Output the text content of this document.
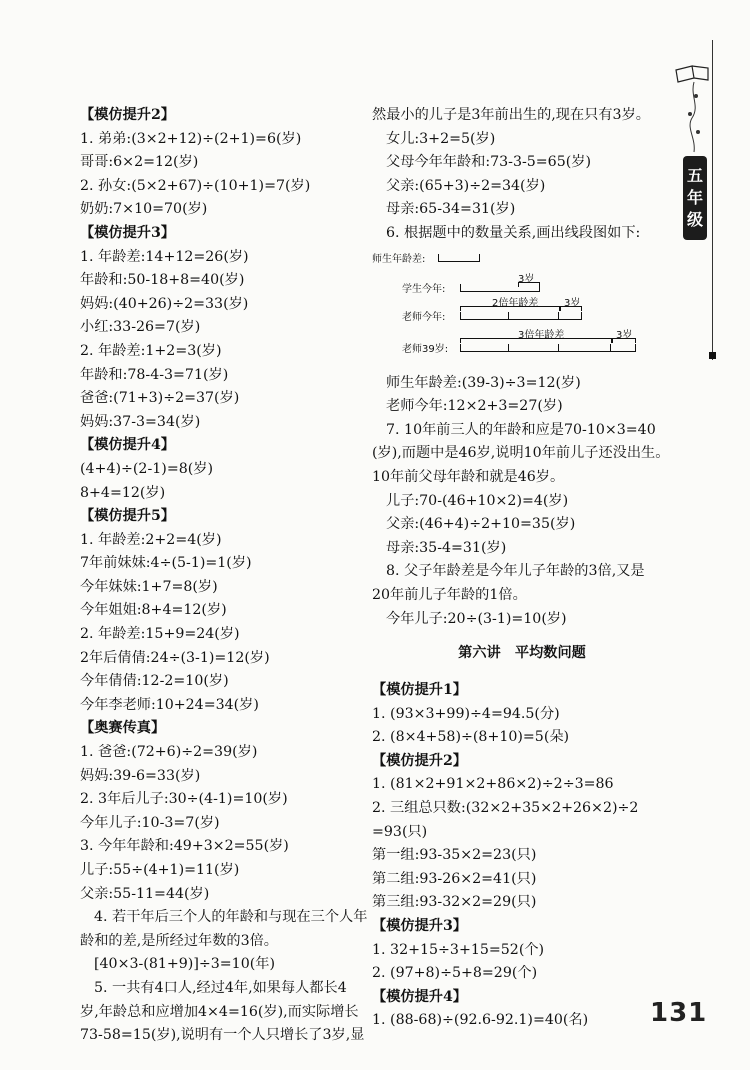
【模仿提升2】
1. 弟弟:(3×2+12)÷(2+1)=6(岁)
哥哥:6×2=12(岁)
2. 孙女:(5×2+67)÷(10+1)=7(岁)
奶奶:7×10=70(岁)
【模仿提升3】
1. 年龄差:14+12=26(岁)
年龄和:50-18+8=40(岁)
妈妈:(40+26)÷2=33(岁)
小红:33-26=7(岁)
2. 年龄差:1+2=3(岁)
年龄和:78-4-3=71(岁)
爸爸:(71+3)÷2=37(岁)
妈妈:37-3=34(岁)
【模仿提升4】
(4+4)÷(2-1)=8(岁)
8+4=12(岁)
【模仿提升5】
1. 年龄差:2+2=4(岁)
7年前妹妹:4÷(5-1)=1(岁)
今年妹妹:1+7=8(岁)
今年姐姐:8+4=12(岁)
2. 年龄差:15+9=24(岁)
2年后倩倩:24÷(3-1)=12(岁)
今年倩倩:12-2=10(岁)
今年李老师:10+24=34(岁)
【奥赛传真】
1. 爸爸:(72+6)÷2=39(岁)
妈妈:39-6=33(岁)
2. 3年后儿子:30÷(4-1)=10(岁)
今年儿子:10-3=7(岁)
3. 今年年龄和:49+3×2=55(岁)
儿子:55÷(4+1)=11(岁)
父亲:55-11=44(岁)
4. 若干年后三个人的年龄和与现在三个人年
龄和的差,是所经过年数的3倍。
[40×3-(81+9)]÷3=10(年)
5. 一共有4口人,经过4年,如果每人都长4
岁,年龄总和应增加4×4=16(岁),而实际增长
73-58=15(岁),说明有一个人只增长了3岁,显
然最小的儿子是3年前出生的,现在只有3岁。
女儿:3+2=5(岁)
父母今年年龄和:73-3-5=65(岁)
父亲:(65+3)÷2=34(岁)
母亲:65-34=31(岁)
6. 根据题中的数量关系,画出线段图如下:
师生年龄差:
3岁
学生今年:
2倍年龄差	3岁
老师今年:
3倍年龄差	3岁
老师39岁:
师生年龄差:(39-3)÷3=12(岁)
老师今年:12×2+3=27(岁)
7. 10年前三人的年龄和应是70-10×3=40
(岁),而题中是46岁,说明10年前儿子还没出生。
10年前父母年龄和就是46岁。
儿子:70-(46+10×2)=4(岁)
父亲:(46+4)÷2+10=35(岁)
母亲:35-4=31(岁)
8. 父子年龄差是今年儿子年龄的3倍,又是
20年前儿子年龄的1倍。
今年儿子:20÷(3-1)=10(岁)
第六讲　平均数问题
【模仿提升1】
1. (93×3+99)÷4=94.5(分)
2. (8×4+58)÷(8+10)=5(朵)
【模仿提升2】
1. (81×2+91×2+86×2)÷2÷3=86
2. 三组总只数:(32×2+35×2+26×2)÷2
=93(只)
第一组:93-35×2=23(只)
第二组:93-26×2=41(只)
第三组:93-32×2=29(只)
【模仿提升3】
1. 32+15÷3+15=52(个)
2. (97+8)÷5+8=29(个)
【模仿提升4】
1. (88-68)÷(92.6-92.1)=40(名)
五
年
级
131
